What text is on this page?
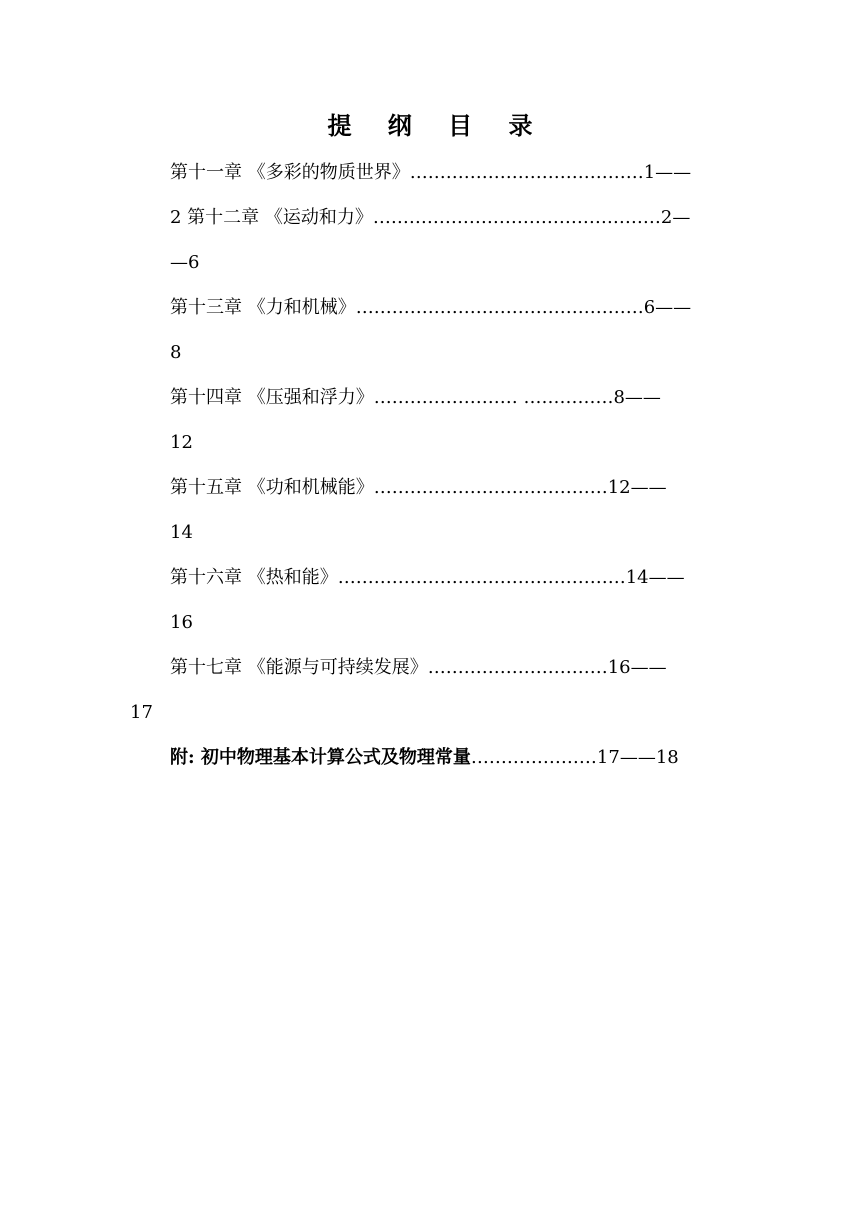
提 纲 目 录
第十一章 《多彩的物质世界》…………………………………1——
2 第十二章 《运动和力》…………………………………………2—
—6
第十三章 《力和机械》…………………………………………6——
8
第十四章 《压强和浮力》…………………… ……………8——
12
第十五章 《功和机械能》…………………………………12——
14
第十六章 《热和能》…………………………………………14——
16
第十七章 《能源与可持续发展》…………………………16——
17
附: 初中物理基本计算公式及物理常量…………………17——18
